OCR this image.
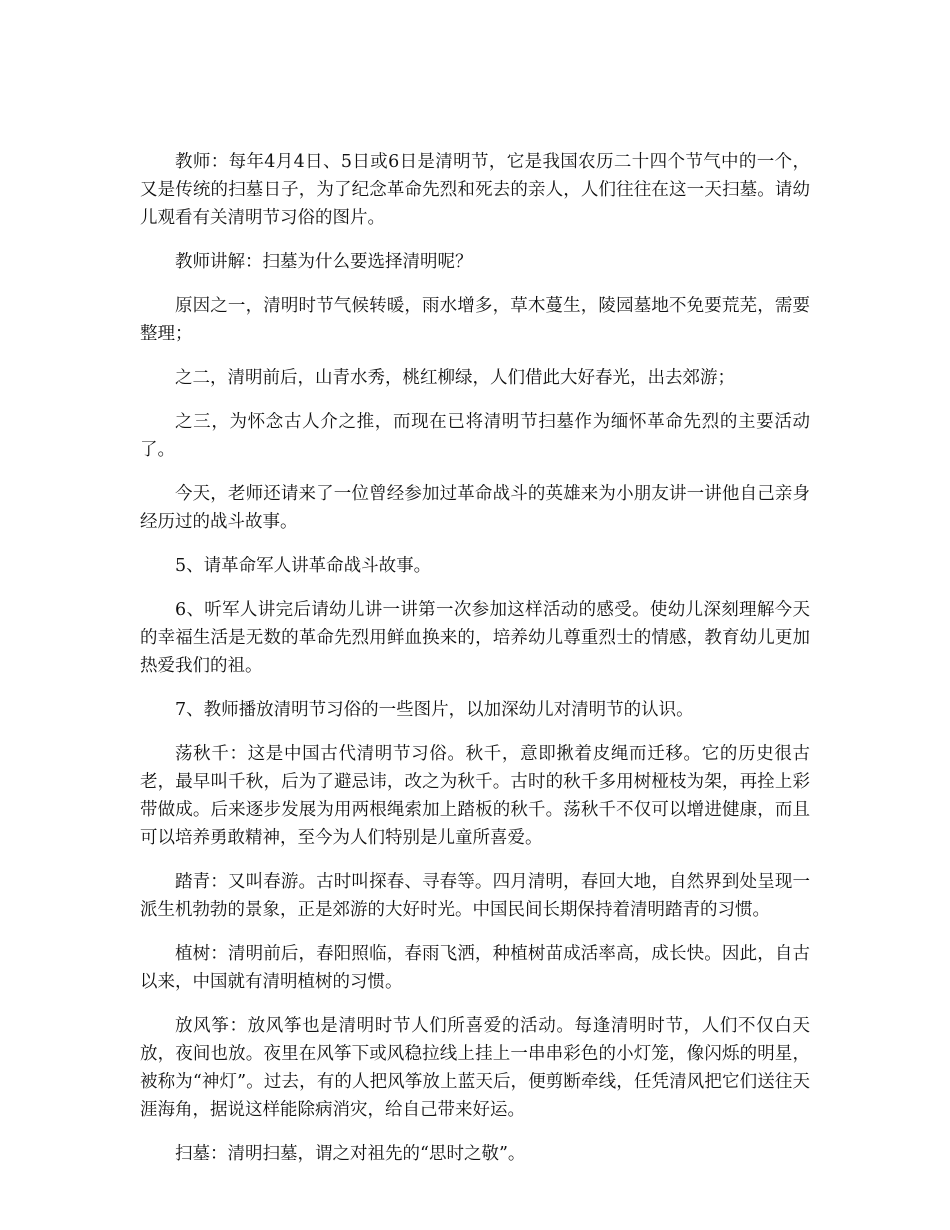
教师：每年4月4日、5日或6日是清明节，它是我国农历二十四个节气中的一个，又是传统的扫墓日子，为了纪念革命先烈和死去的亲人，人们往往在这一天扫墓。请幼儿观看有关清明节习俗的图片。

教师讲解：扫墓为什么要选择清明呢？

原因之一，清明时节气候转暖，雨水增多，草木蔓生，陵园墓地不免要荒芜，需要整理；

之二，清明前后，山青水秀，桃红柳绿，人们借此大好春光，出去郊游；

之三，为怀念古人介之推，而现在已将清明节扫墓作为缅怀革命先烈的主要活动了。

今天，老师还请来了一位曾经参加过革命战斗的英雄来为小朋友讲一讲他自己亲身经历过的战斗故事。

5、请革命军人讲革命战斗故事。

6、听军人讲完后请幼儿讲一讲第一次参加这样活动的感受。使幼儿深刻理解今天的幸福生活是无数的革命先烈用鲜血换来的，培养幼儿尊重烈士的情感，教育幼儿更加热爱我们的祖。

7、教师播放清明节习俗的一些图片，以加深幼儿对清明节的认识。

荡秋千：这是中国古代清明节习俗。秋千，意即揪着皮绳而迁移。它的历史很古老，最早叫千秋，后为了避忌讳，改之为秋千。古时的秋千多用树桠枝为架，再拴上彩带做成。后来逐步发展为用两根绳索加上踏板的秋千。荡秋千不仅可以增进健康，而且可以培养勇敢精神，至今为人们特别是儿童所喜爱。

踏青：又叫春游。古时叫探春、寻春等。四月清明，春回大地，自然界到处呈现一派生机勃勃的景象，正是郊游的大好时光。中国民间长期保持着清明踏青的习惯。

植树：清明前后，春阳照临，春雨飞洒，种植树苗成活率高，成长快。因此，自古以来，中国就有清明植树的习惯。

放风筝：放风筝也是清明时节人们所喜爱的活动。每逢清明时节，人们不仅白天放，夜间也放。夜里在风筝下或风稳拉线上挂上一串串彩色的小灯笼，像闪烁的明星，被称为“神灯”。过去，有的人把风筝放上蓝天后，便剪断牵线，任凭清风把它们送往天涯海角，据说这样能除病消灾，给自己带来好运。

扫墓：清明扫墓，谓之对祖先的“思时之敬”。
